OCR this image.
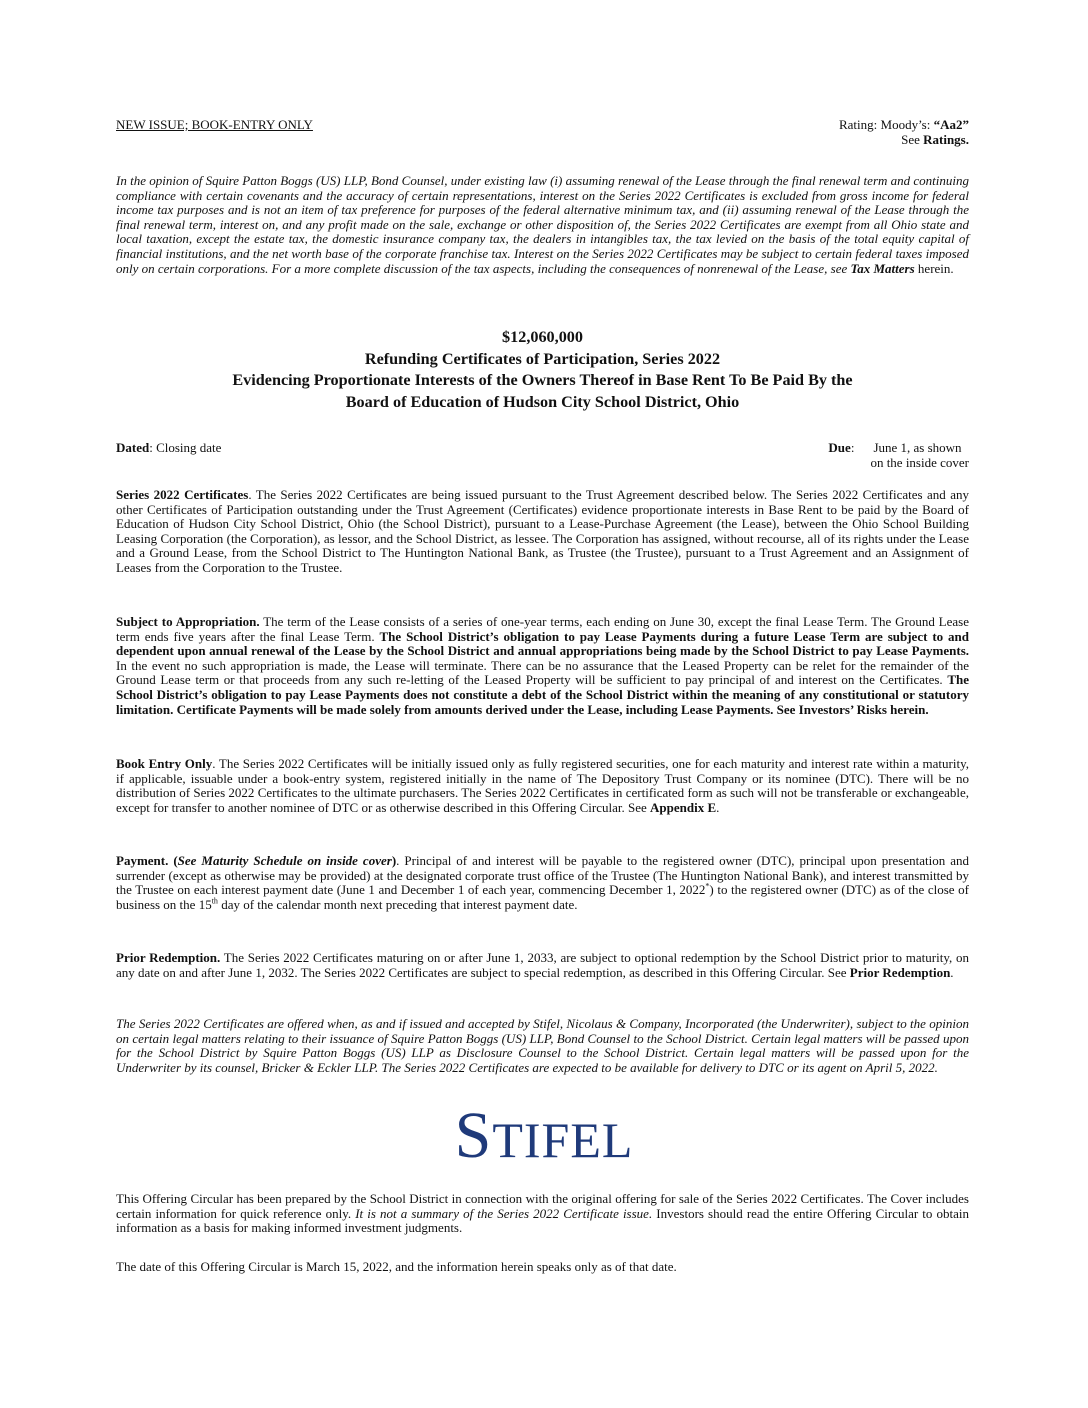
NEW ISSUE; BOOK-ENTRY ONLY	Rating: Moody’s: “Aa2”
See Ratings.
In the opinion of Squire Patton Boggs (US) LLP, Bond Counsel, under existing law (i) assuming renewal of the Lease through the final renewal term and continuing compliance with certain covenants and the accuracy of certain representations, interest on the Series 2022 Certificates is excluded from gross income for federal income tax purposes and is not an item of tax preference for purposes of the federal alternative minimum tax, and (ii) assuming renewal of the Lease through the final renewal term, interest on, and any profit made on the sale, exchange or other disposition of, the Series 2022 Certificates are exempt from all Ohio state and local taxation, except the estate tax, the domestic insurance company tax, the dealers in intangibles tax, the tax levied on the basis of the total equity capital of financial institutions, and the net worth base of the corporate franchise tax. Interest on the Series 2022 Certificates may be subject to certain federal taxes imposed only on certain corporations. For a more complete discussion of the tax aspects, including the consequences of nonrenewal of the Lease, see Tax Matters herein.
$12,060,000
Refunding Certificates of Participation, Series 2022
Evidencing Proportionate Interests of the Owners Thereof in Base Rent To Be Paid By the
Board of Education of Hudson City School District, Ohio
Dated: Closing date	Due: June 1, as shown
on the inside cover
Series 2022 Certificates. The Series 2022 Certificates are being issued pursuant to the Trust Agreement described below. The Series 2022 Certificates and any other Certificates of Participation outstanding under the Trust Agreement (Certificates) evidence proportionate interests in Base Rent to be paid by the Board of Education of Hudson City School District, Ohio (the School District), pursuant to a Lease-Purchase Agreement (the Lease), between the Ohio School Building Leasing Corporation (the Corporation), as lessor, and the School District, as lessee. The Corporation has assigned, without recourse, all of its rights under the Lease and a Ground Lease, from the School District to The Huntington National Bank, as Trustee (the Trustee), pursuant to a Trust Agreement and an Assignment of Leases from the Corporation to the Trustee.
Subject to Appropriation. The term of the Lease consists of a series of one-year terms, each ending on June 30, except the final Lease Term. The Ground Lease term ends five years after the final Lease Term. The School District’s obligation to pay Lease Payments during a future Lease Term are subject to and dependent upon annual renewal of the Lease by the School District and annual appropriations being made by the School District to pay Lease Payments. In the event no such appropriation is made, the Lease will terminate. There can be no assurance that the Leased Property can be relet for the remainder of the Ground Lease term or that proceeds from any such re-letting of the Leased Property will be sufficient to pay principal of and interest on the Certificates. The School District’s obligation to pay Lease Payments does not constitute a debt of the School District within the meaning of any constitutional or statutory limitation. Certificate Payments will be made solely from amounts derived under the Lease, including Lease Payments. See Investors’ Risks herein.
Book Entry Only. The Series 2022 Certificates will be initially issued only as fully registered securities, one for each maturity and interest rate within a maturity, if applicable, issuable under a book-entry system, registered initially in the name of The Depository Trust Company or its nominee (DTC). There will be no distribution of Series 2022 Certificates to the ultimate purchasers. The Series 2022 Certificates in certificated form as such will not be transferable or exchangeable, except for transfer to another nominee of DTC or as otherwise described in this Offering Circular. See Appendix E.
Payment. (See Maturity Schedule on inside cover). Principal of and interest will be payable to the registered owner (DTC), principal upon presentation and surrender (except as otherwise may be provided) at the designated corporate trust office of the Trustee (The Huntington National Bank), and interest transmitted by the Trustee on each interest payment date (June 1 and December 1 of each year, commencing December 1, 2022*) to the registered owner (DTC) as of the close of business on the 15th day of the calendar month next preceding that interest payment date.
Prior Redemption. The Series 2022 Certificates maturing on or after June 1, 2033, are subject to optional redemption by the School District prior to maturity, on any date on and after June 1, 2032. The Series 2022 Certificates are subject to special redemption, as described in this Offering Circular. See Prior Redemption.
The Series 2022 Certificates are offered when, as and if issued and accepted by Stifel, Nicolaus & Company, Incorporated (the Underwriter), subject to the opinion on certain legal matters relating to their issuance of Squire Patton Boggs (US) LLP, Bond Counsel to the School District. Certain legal matters will be passed upon for the School District by Squire Patton Boggs (US) LLP as Disclosure Counsel to the School District. Certain legal matters will be passed upon for the Underwriter by its counsel, Bricker & Eckler LLP. The Series 2022 Certificates are expected to be available for delivery to DTC or its agent on April 5, 2022.
STIFEL
This Offering Circular has been prepared by the School District in connection with the original offering for sale of the Series 2022 Certificates. The Cover includes certain information for quick reference only. It is not a summary of the Series 2022 Certificate issue. Investors should read the entire Offering Circular to obtain information as a basis for making informed investment judgments.
The date of this Offering Circular is March 15, 2022, and the information herein speaks only as of that date.
